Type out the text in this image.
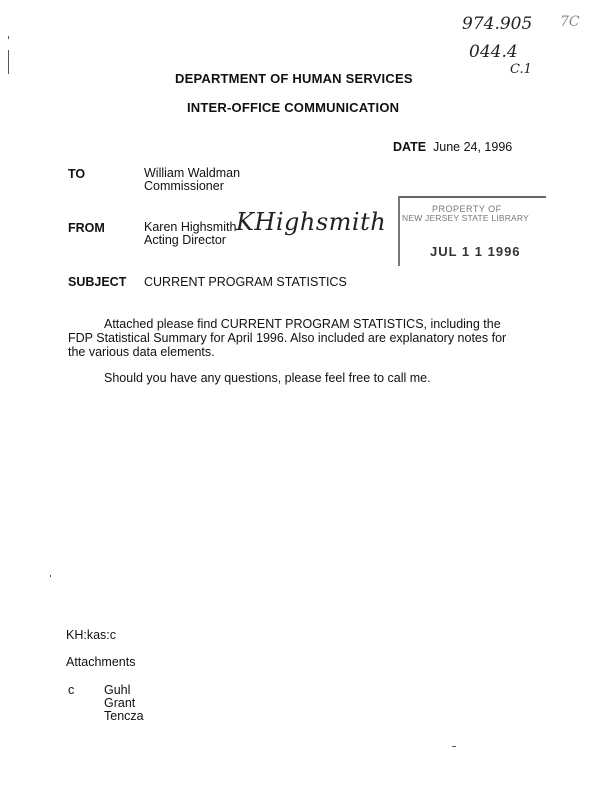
974.905 7C
044.4
C.1
DEPARTMENT OF HUMAN SERVICES
INTER-OFFICE COMMUNICATION
DATE June 24, 1996
TO	William Waldman
Commissioner
FROM	Karen Highsmith
Acting Director
KHighsmith	PROPERTY OF
NEW JERSEY STATE LIBRARY
JUL 1 1 1996
SUBJECT CURRENT PROGRAM STATISTICS
Attached please find CURRENT PROGRAM STATISTICS, including the
FDP Statistical Summary for April 1996. Also included are explanatory notes for
the various data elements.
Should you have any questions, please feel free to call me.
KH:kas:c
Attachments
c Guhl
Grant
Tencza
